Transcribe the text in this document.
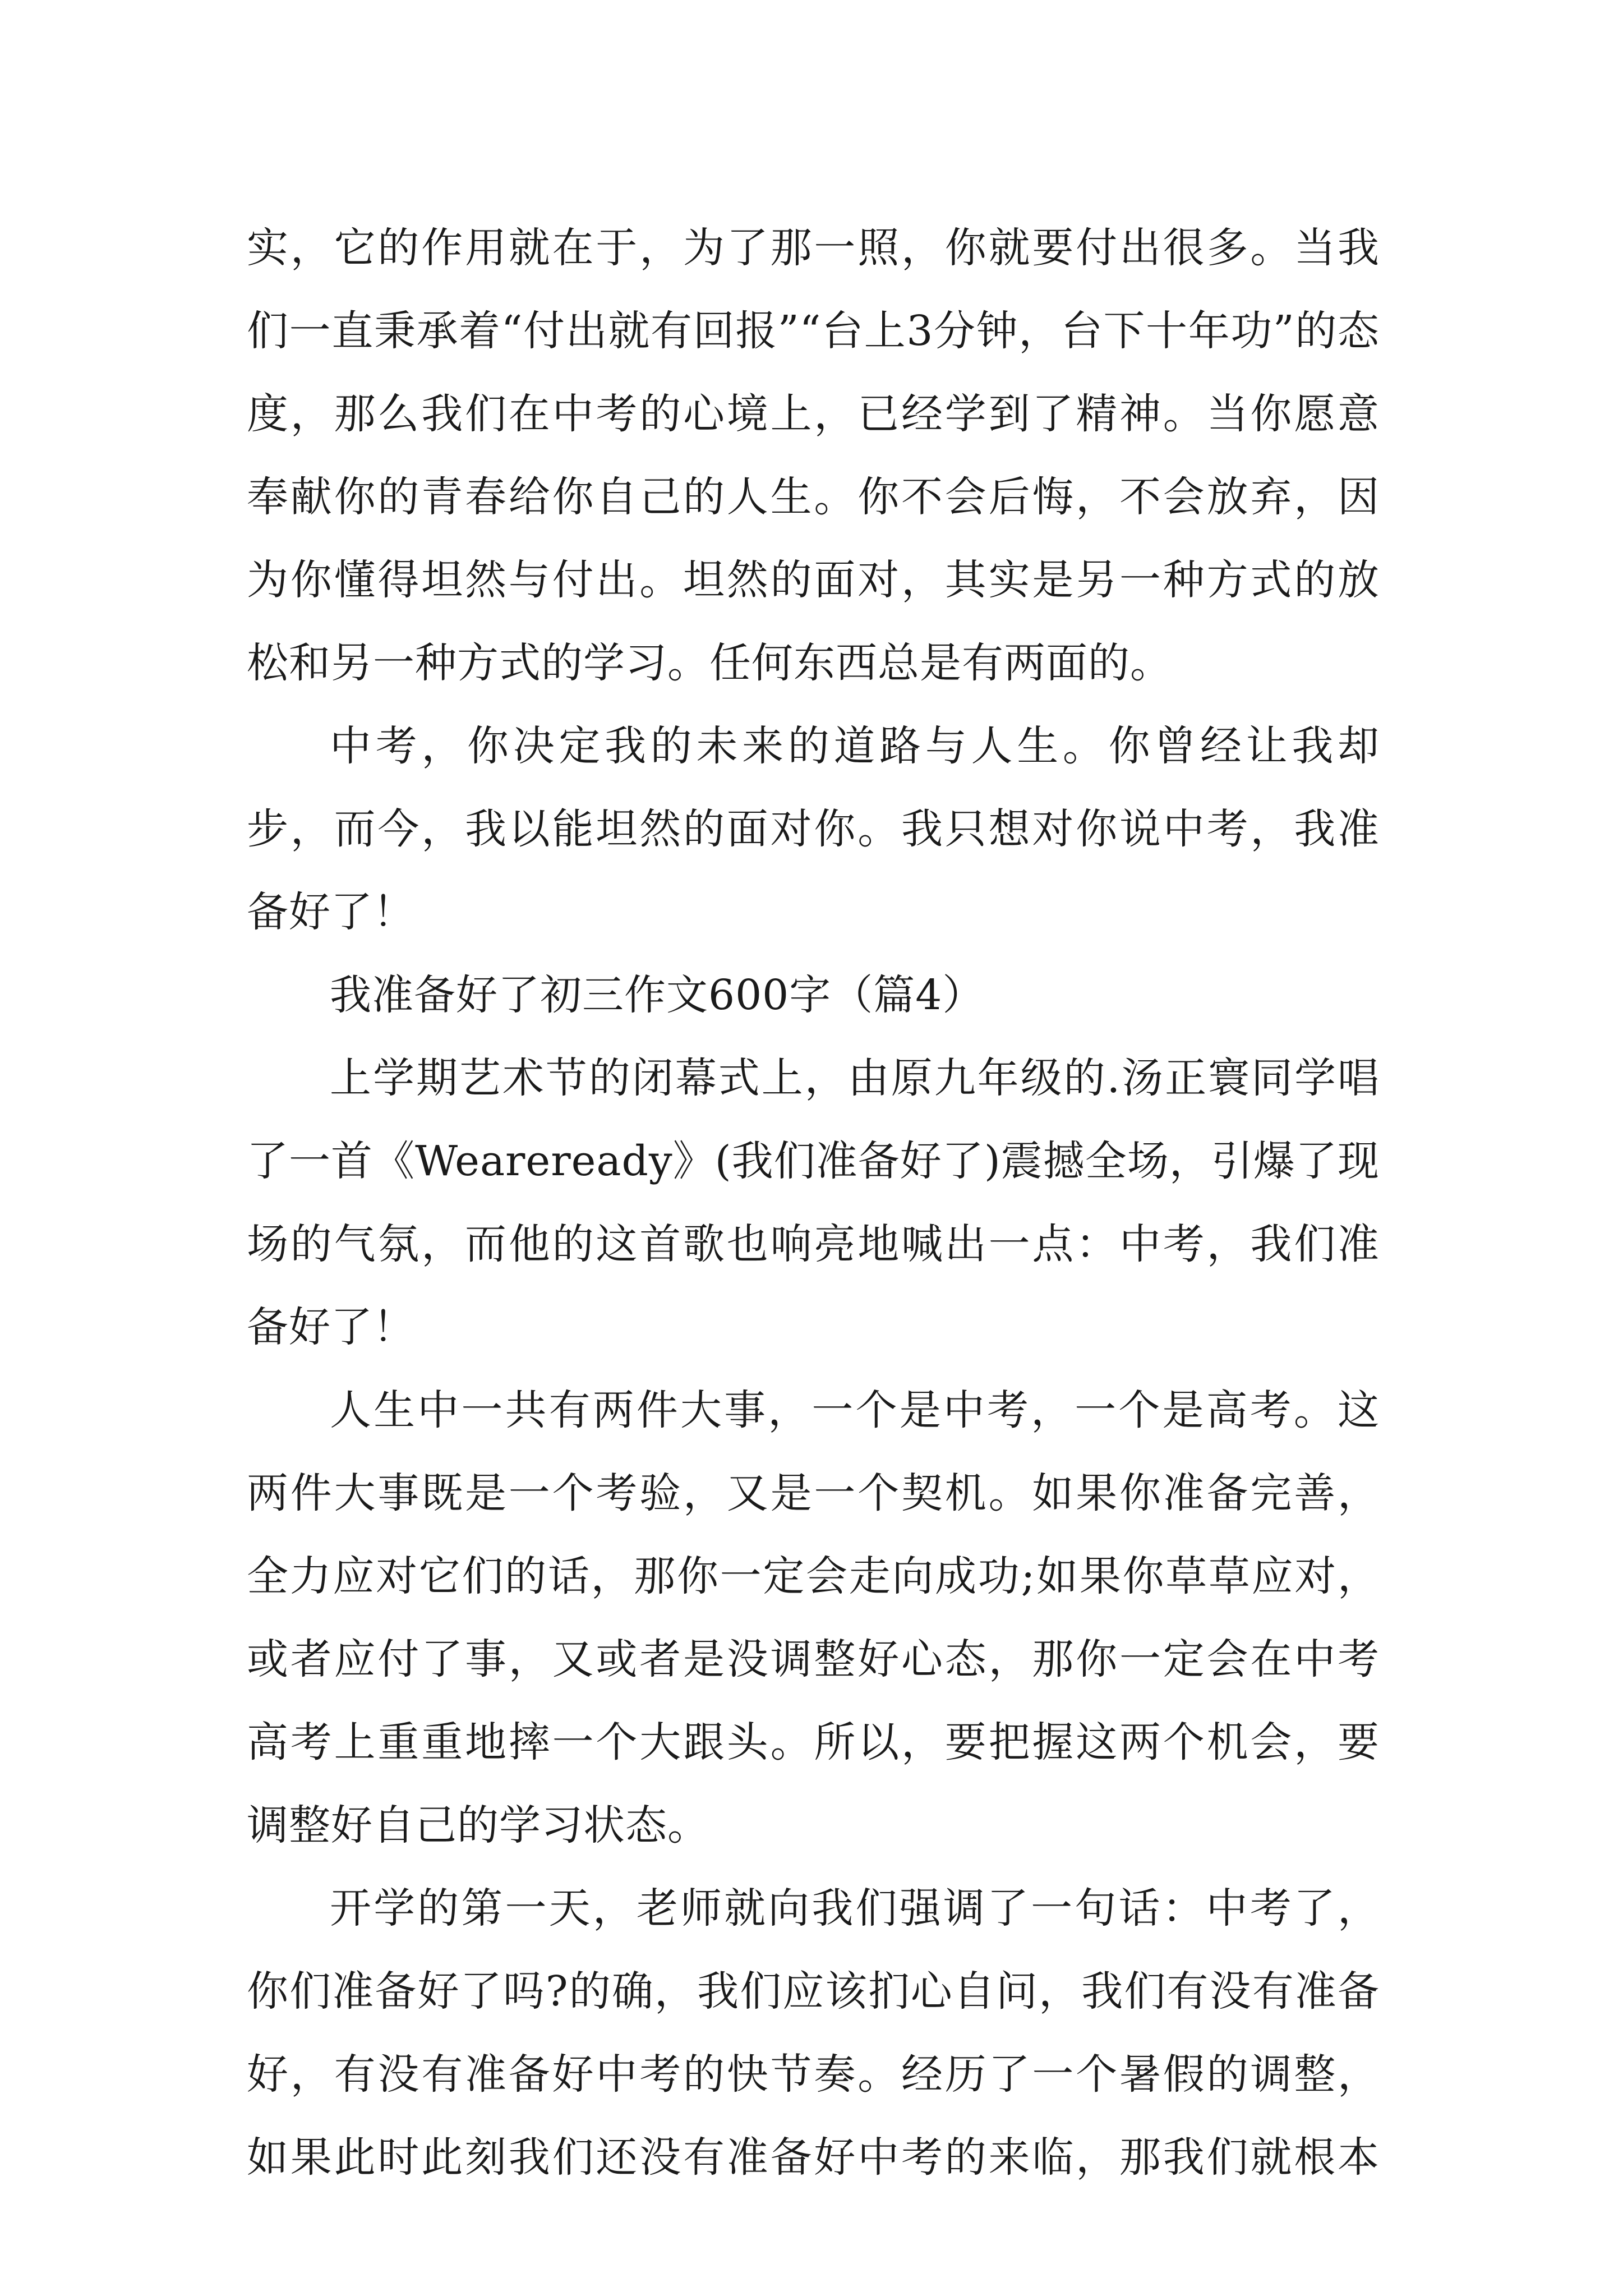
实，它的作用就在于，为了那一照，你就要付出很多。当我们一直秉承着“付出就有回报”“台上3分钟，台下十年功”的态度，那么我们在中考的心境上，已经学到了精神。当你愿意奉献你的青春给你自己的人生。你不会后悔，不会放弃，因为你懂得坦然与付出。坦然的面对，其实是另一种方式的放松和另一种方式的学习。任何东西总是有两面的。

中考，你决定我的未来的道路与人生。你曾经让我却步，而今，我以能坦然的面对你。我只想对你说中考，我准备好了！

我准备好了初三作文600字（篇4）

上学期艺术节的闭幕式上，由原九年级的.汤正寰同学唱了一首《Weareready》(我们准备好了)震撼全场，引爆了现场的气氛，而他的这首歌也响亮地喊出一点：中考，我们准备好了！

人生中一共有两件大事，一个是中考，一个是高考。这两件大事既是一个考验，又是一个契机。如果你准备完善，全力应对它们的话，那你一定会走向成功;如果你草草应对，或者应付了事，又或者是没调整好心态，那你一定会在中考高考上重重地摔一个大跟头。所以，要把握这两个机会，要调整好自己的学习状态。

开学的第一天，老师就向我们强调了一句话：中考了，你们准备好了吗?的确，我们应该扪心自问，我们有没有准备好，有没有准备好中考的快节奏。经历了一个暑假的调整，如果此时此刻我们还没有准备好中考的来临，那我们就根本
